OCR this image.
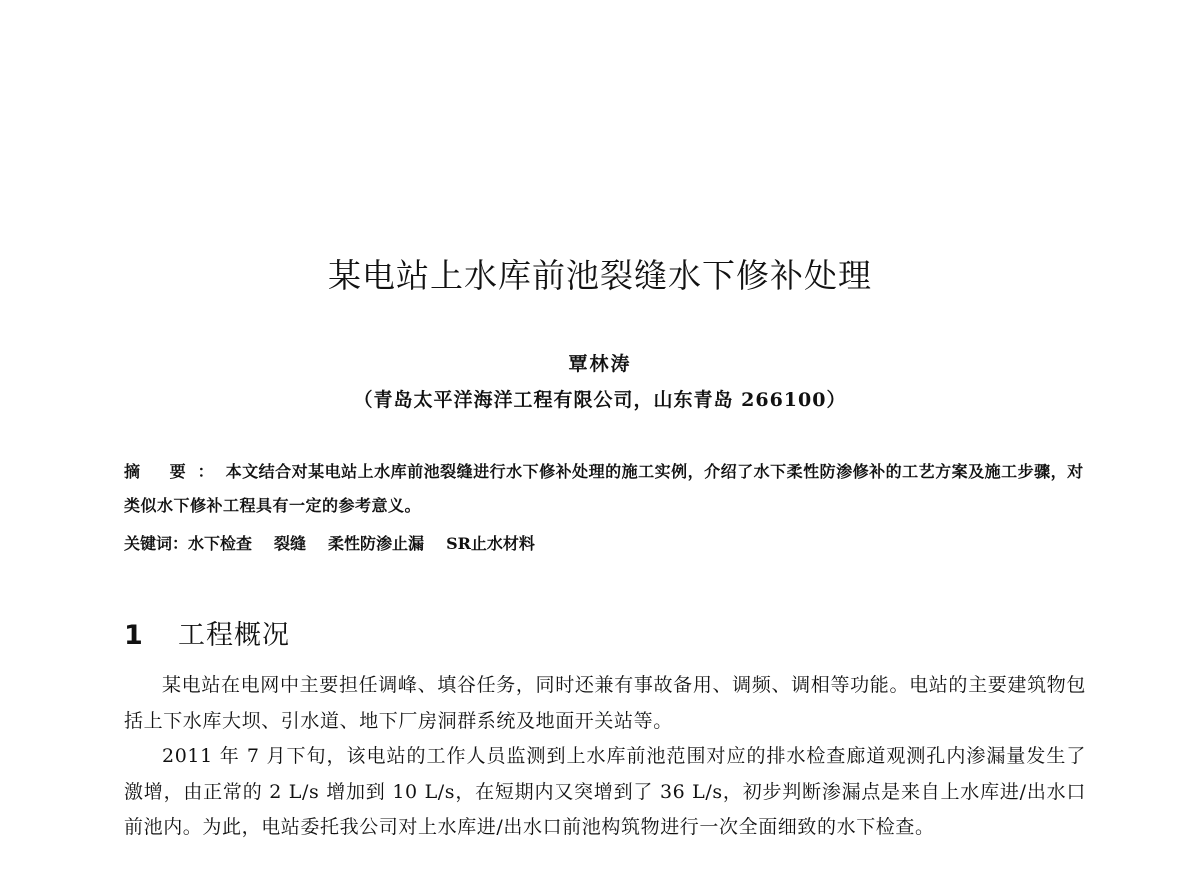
某电站上水库前池裂缝水下修补处理
覃林涛
（青岛太平洋海洋工程有限公司，山东青岛 266100）
摘 要：本文结合对某电站上水库前池裂缝进行水下修补处理的施工实例，介绍了水下柔性防渗修补的工艺方案及施工步骤，对类似水下修补工程具有一定的参考意义。
关键词：水下检查 裂缝 柔性防渗止漏 SR止水材料
1 工程概况

某电站在电网中主要担任调峰、填谷任务，同时还兼有事故备用、调频、调相等功能。电站的主要建筑物包括上下水库大坝、引水道、地下厂房洞群系统及地面开关站等。

2011 年 7 月下旬，该电站的工作人员监测到上水库前池范围对应的排水检查廊道观测孔内渗漏量发生了激增，由正常的 2 L/s 增加到 10 L/s，在短期内又突增到了 36 L/s，初步判断渗漏点是来自上水库进/出水口前池内。为此，电站委托我公司对上水库进/出水口前池构筑物进行一次全面细致的水下检查。
